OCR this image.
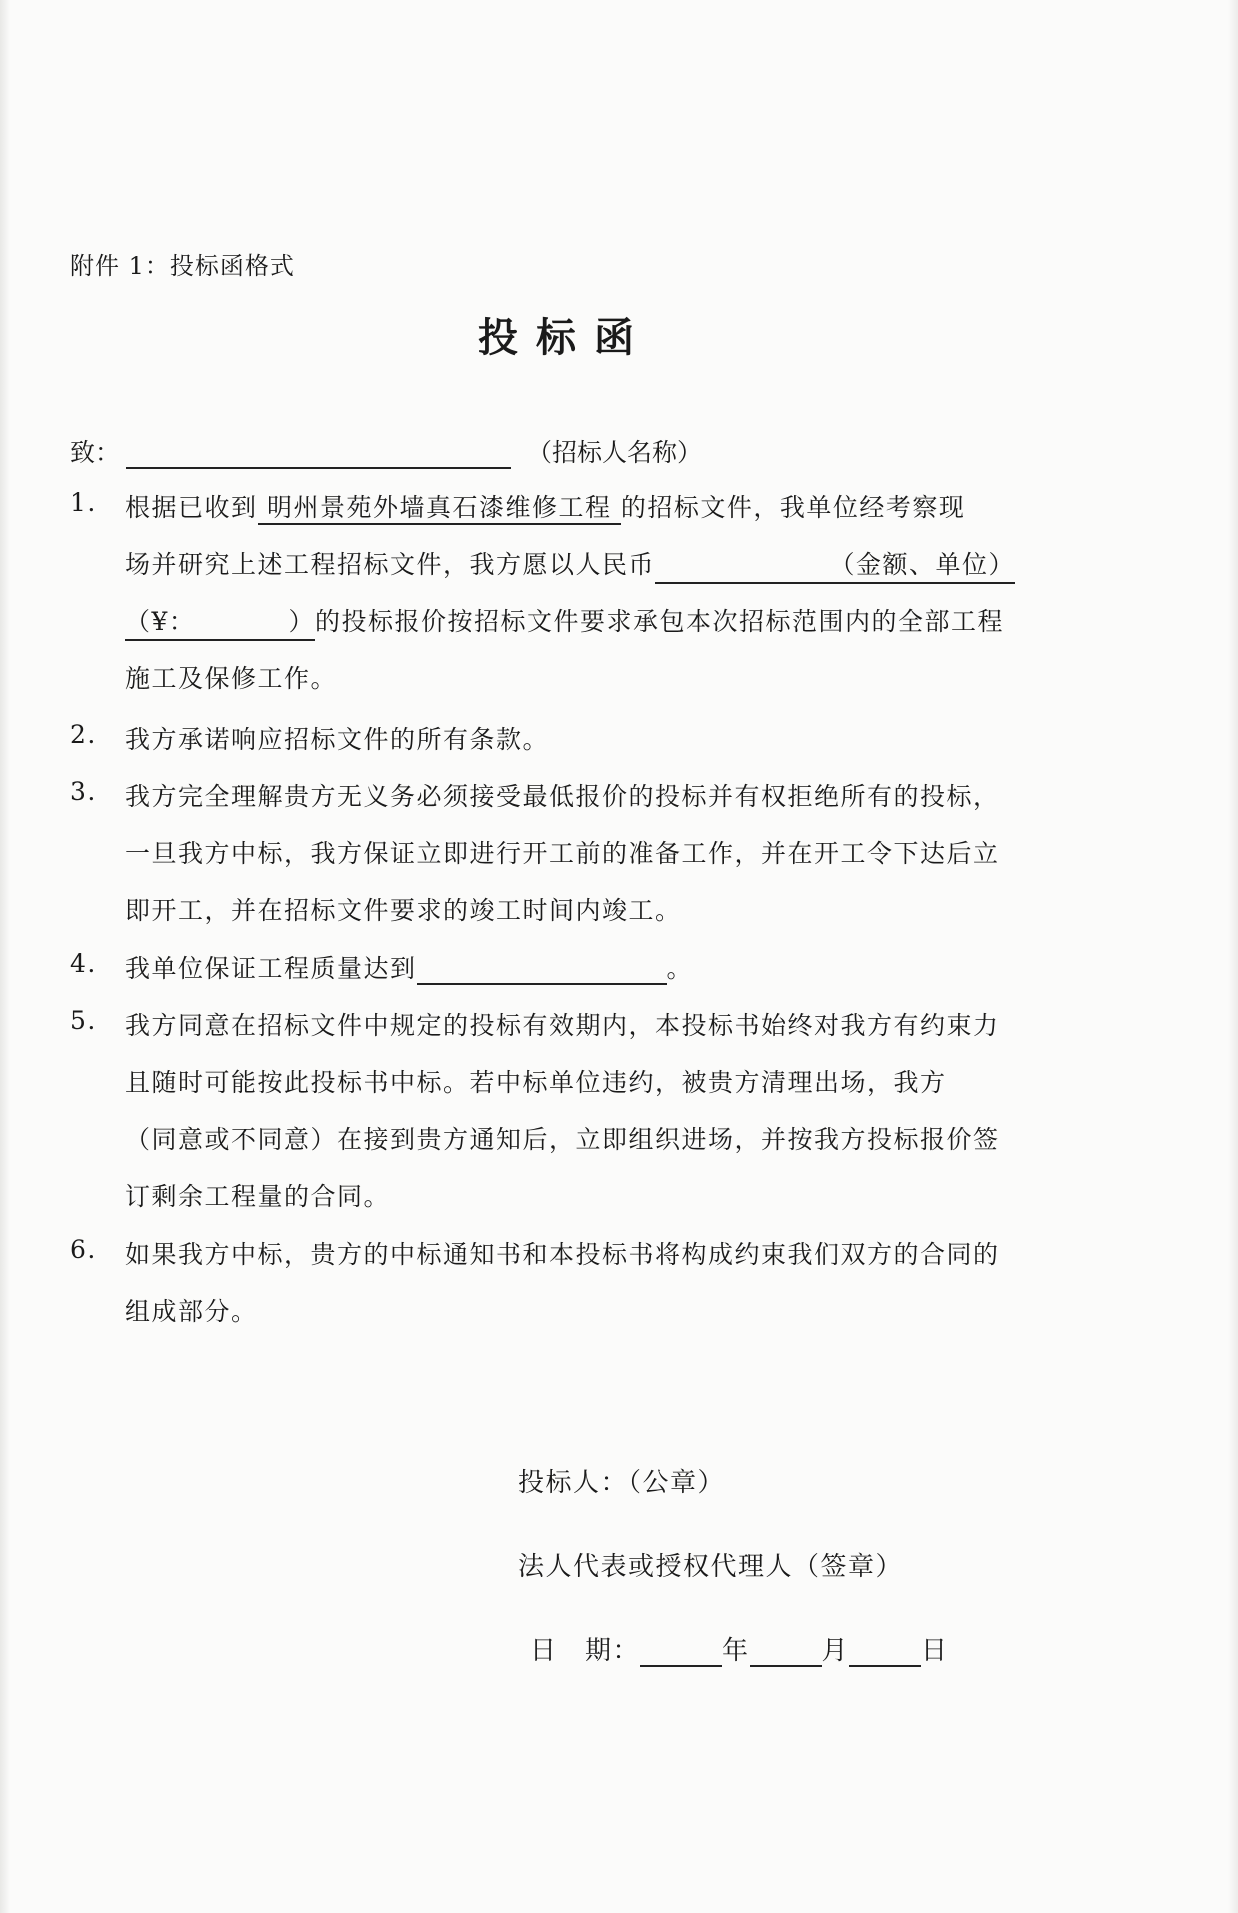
附件 1：投标函格式
投标函
致：	（招标人名称）
1.	根据已收到 明州景苑外墙真石漆维修工程 的招标文件，我单位经考察现
场并研究上述工程招标文件，我方愿以人民币	（金额、单位）
（¥：	） 的投标报价按招标文件要求承包本次招标范围内的全部工程
施工及保修工作。
2.	我方承诺响应招标文件的所有条款。
3.	我方完全理解贵方无义务必须接受最低报价的投标并有权拒绝所有的投标，
一旦我方中标，我方保证立即进行开工前的准备工作，并在开工令下达后立
即开工，并在招标文件要求的竣工时间内竣工。
4.	我单位保证工程质量达到	。
5.	我方同意在招标文件中规定的投标有效期内，本投标书始终对我方有约束力
且随时可能按此投标书中标。若中标单位违约，被贵方清理出场，我方
（同意或不同意）在接到贵方通知后，立即组织进场，并按我方投标报价签
订剩余工程量的合同。
6.	如果我方中标，贵方的中标通知书和本投标书将构成约束我们双方的合同的
组成部分。
投标人：（公章）
法人代表或授权代理人（签章）
日　期：	年	月	日
